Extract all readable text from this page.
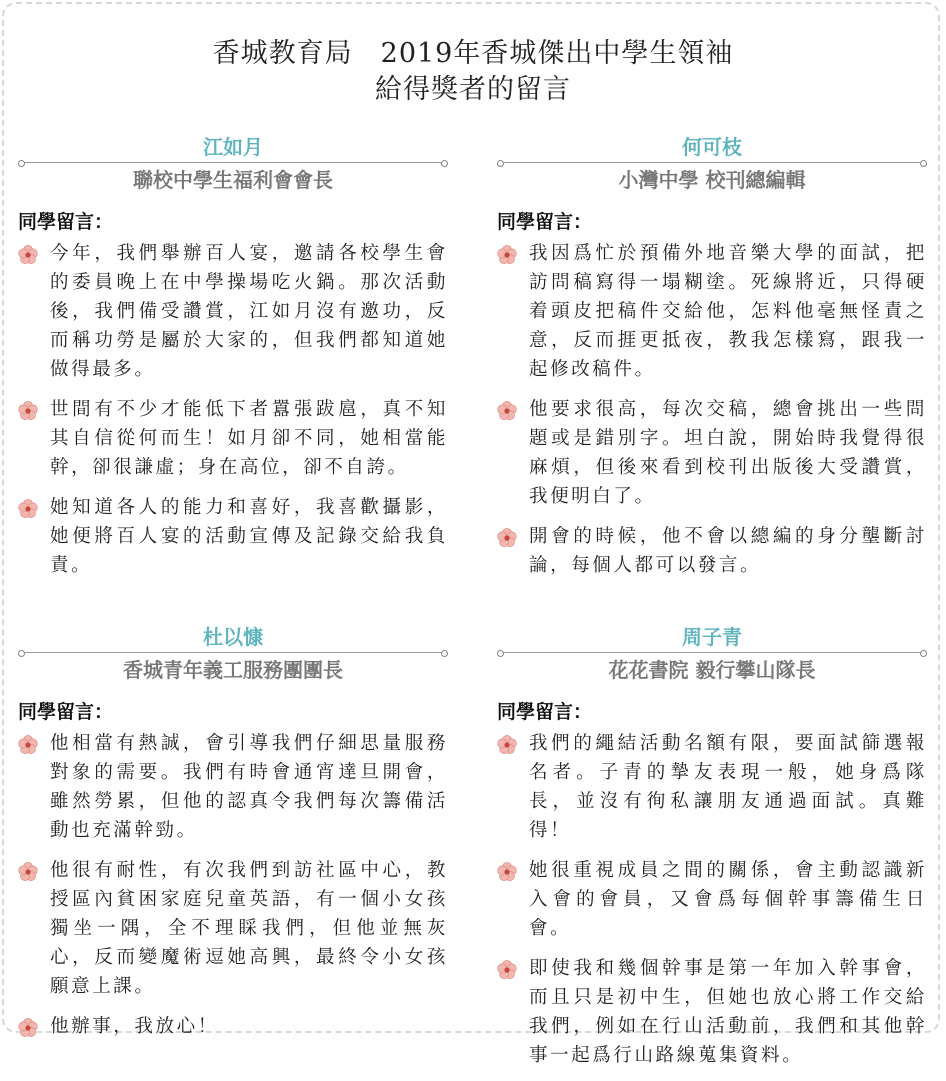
香城教育局　2019年香城傑出中學生領袖
給得獎者的留言
江如月
聯校中學生福利會會長
同學留言：
今年，我們舉辦百人宴，邀請各校學生會的委員晚上在中學操場吃火鍋。那次活動後，我們備受讚賞，江如月沒有邀功，反而稱功勞是屬於大家的，但我們都知道她做得最多。
世間有不少才能低下者囂張跋扈，真不知其自信從何而生！如月卻不同，她相當能幹，卻很謙虛；身在高位，卻不自誇。
她知道各人的能力和喜好，我喜歡攝影，她便將百人宴的活動宣傳及記錄交給我負責。
何可枝
小灣中學 校刊總編輯
同學留言：
我因爲忙於預備外地音樂大學的面試，把訪問稿寫得一塌糊塗。死線將近，只得硬着頭皮把稿件交給他，怎料他毫無怪責之意，反而捱更抵夜，教我怎樣寫，跟我一起修改稿件。
他要求很高，每次交稿，總會挑出一些問題或是錯別字。坦白說，開始時我覺得很麻煩，但後來看到校刊出版後大受讚賞，我便明白了。
開會的時候，他不會以總編的身分壟斷討論，每個人都可以發言。
杜以慷
香城青年義工服務團團長
同學留言：
他相當有熱誠，會引導我們仔細思量服務對象的需要。我們有時會通宵達旦開會，雖然勞累，但他的認真令我們每次籌備活動也充滿幹勁。
他很有耐性，有次我們到訪社區中心，教授區內貧困家庭兒童英語，有一個小女孩獨坐一隅，全不理睬我們，但他並無灰心，反而變魔術逗她高興，最終令小女孩願意上課。
他辦事，我放心！
周子青
花花書院 毅行攀山隊長
同學留言：
我們的繩結活動名額有限，要面試篩選報名者。子青的摯友表現一般，她身爲隊長，並沒有徇私讓朋友通過面試。真難得！
她很重視成員之間的關係，會主動認識新入會的會員，又會爲每個幹事籌備生日會。
即使我和幾個幹事是第一年加入幹事會，而且只是初中生，但她也放心將工作交給我們，例如在行山活動前，我們和其他幹事一起爲行山路線蒐集資料。
